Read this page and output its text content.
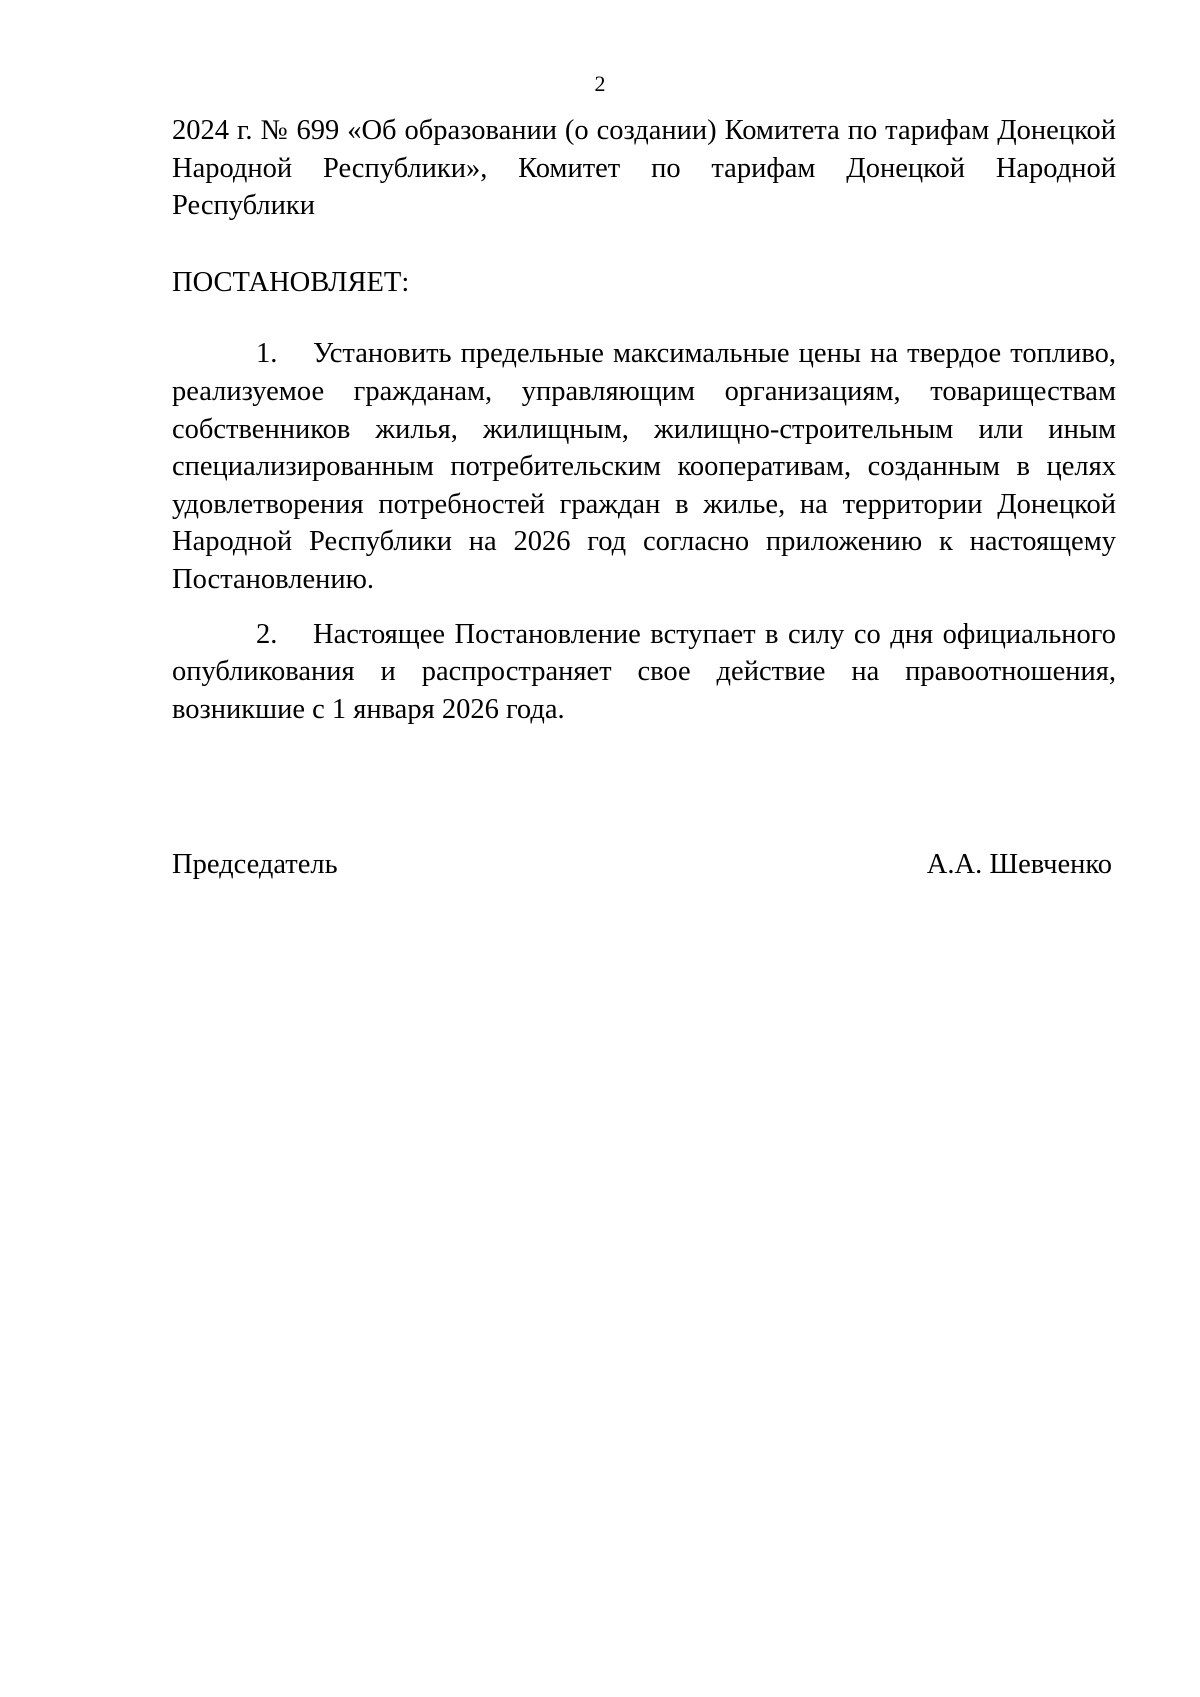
2

2024 г. № 699 «Об образовании (о создании) Комитета по тарифам Донецкой Народной Республики», Комитет по тарифам Донецкой Народной Республики

ПОСТАНОВЛЯЕТ:

1. Установить предельные максимальные цены на твердое топливо, реализуемое гражданам, управляющим организациям, товариществам собственников жилья, жилищным, жилищно-строительным или иным специализированным потребительским кооперативам, созданным в целях удовлетворения потребностей граждан в жилье, на территории Донецкой Народной Республики на 2026 год согласно приложению к настоящему Постановлению.

2. Настоящее Постановление вступает в силу со дня официального опубликования и распространяет свое действие на правоотношения, возникшие с 1 января 2026 года.

Председатель	А.А. Шевченко
